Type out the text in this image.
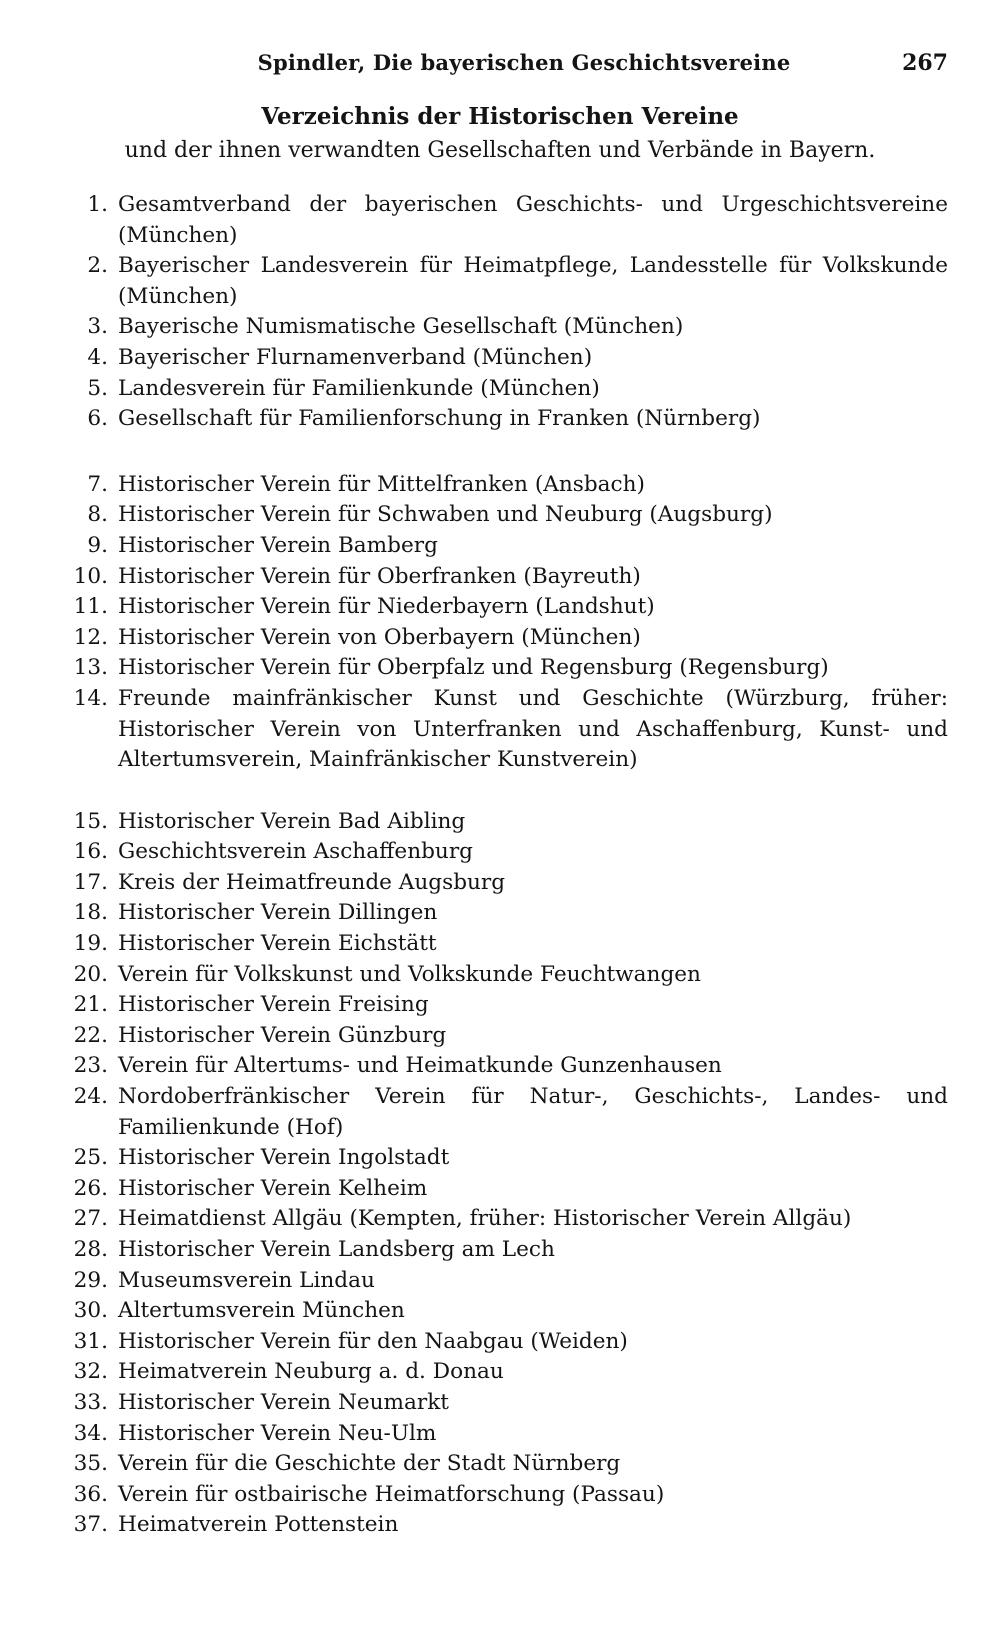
Spindler, Die bayerischen Geschichtsvereine	267
Verzeichnis der Historischen Vereine
und der ihnen verwandten Gesellschaften und Verbände in Bayern.
1. Gesamtverband der bayerischen Geschichts- und Urgeschichtsvereine (München)
2. Bayerischer Landesverein für Heimatpflege, Landesstelle für Volkskunde (München)
3. Bayerische Numismatische Gesellschaft (München)
4. Bayerischer Flurnamenverband (München)
5. Landesverein für Familienkunde (München)
6. Gesellschaft für Familienforschung in Franken (Nürnberg)
7. Historischer Verein für Mittelfranken (Ansbach)
8. Historischer Verein für Schwaben und Neuburg (Augsburg)
9. Historischer Verein Bamberg
10. Historischer Verein für Oberfranken (Bayreuth)
11. Historischer Verein für Niederbayern (Landshut)
12. Historischer Verein von Oberbayern (München)
13. Historischer Verein für Oberpfalz und Regensburg (Regensburg)
14. Freunde mainfränkischer Kunst und Geschichte (Würzburg, früher: Historischer Verein von Unterfranken und Aschaffenburg, Kunst- und Altertumsverein, Mainfränkischer Kunstverein)
15. Historischer Verein Bad Aibling
16. Geschichtsverein Aschaffenburg
17. Kreis der Heimatfreunde Augsburg
18. Historischer Verein Dillingen
19. Historischer Verein Eichstätt
20. Verein für Volkskunst und Volkskunde Feuchtwangen
21. Historischer Verein Freising
22. Historischer Verein Günzburg
23. Verein für Altertums- und Heimatkunde Gunzenhausen
24. Nordoberfränkischer Verein für Natur-, Geschichts-, Landes- und Familienkunde (Hof)
25. Historischer Verein Ingolstadt
26. Historischer Verein Kelheim
27. Heimatdienst Allgäu (Kempten, früher: Historischer Verein Allgäu)
28. Historischer Verein Landsberg am Lech
29. Museumsverein Lindau
30. Altertumsverein München
31. Historischer Verein für den Naabgau (Weiden)
32. Heimatverein Neuburg a. d. Donau
33. Historischer Verein Neumarkt
34. Historischer Verein Neu-Ulm
35. Verein für die Geschichte der Stadt Nürnberg
36. Verein für ostbairische Heimatforschung (Passau)
37. Heimatverein Pottenstein
